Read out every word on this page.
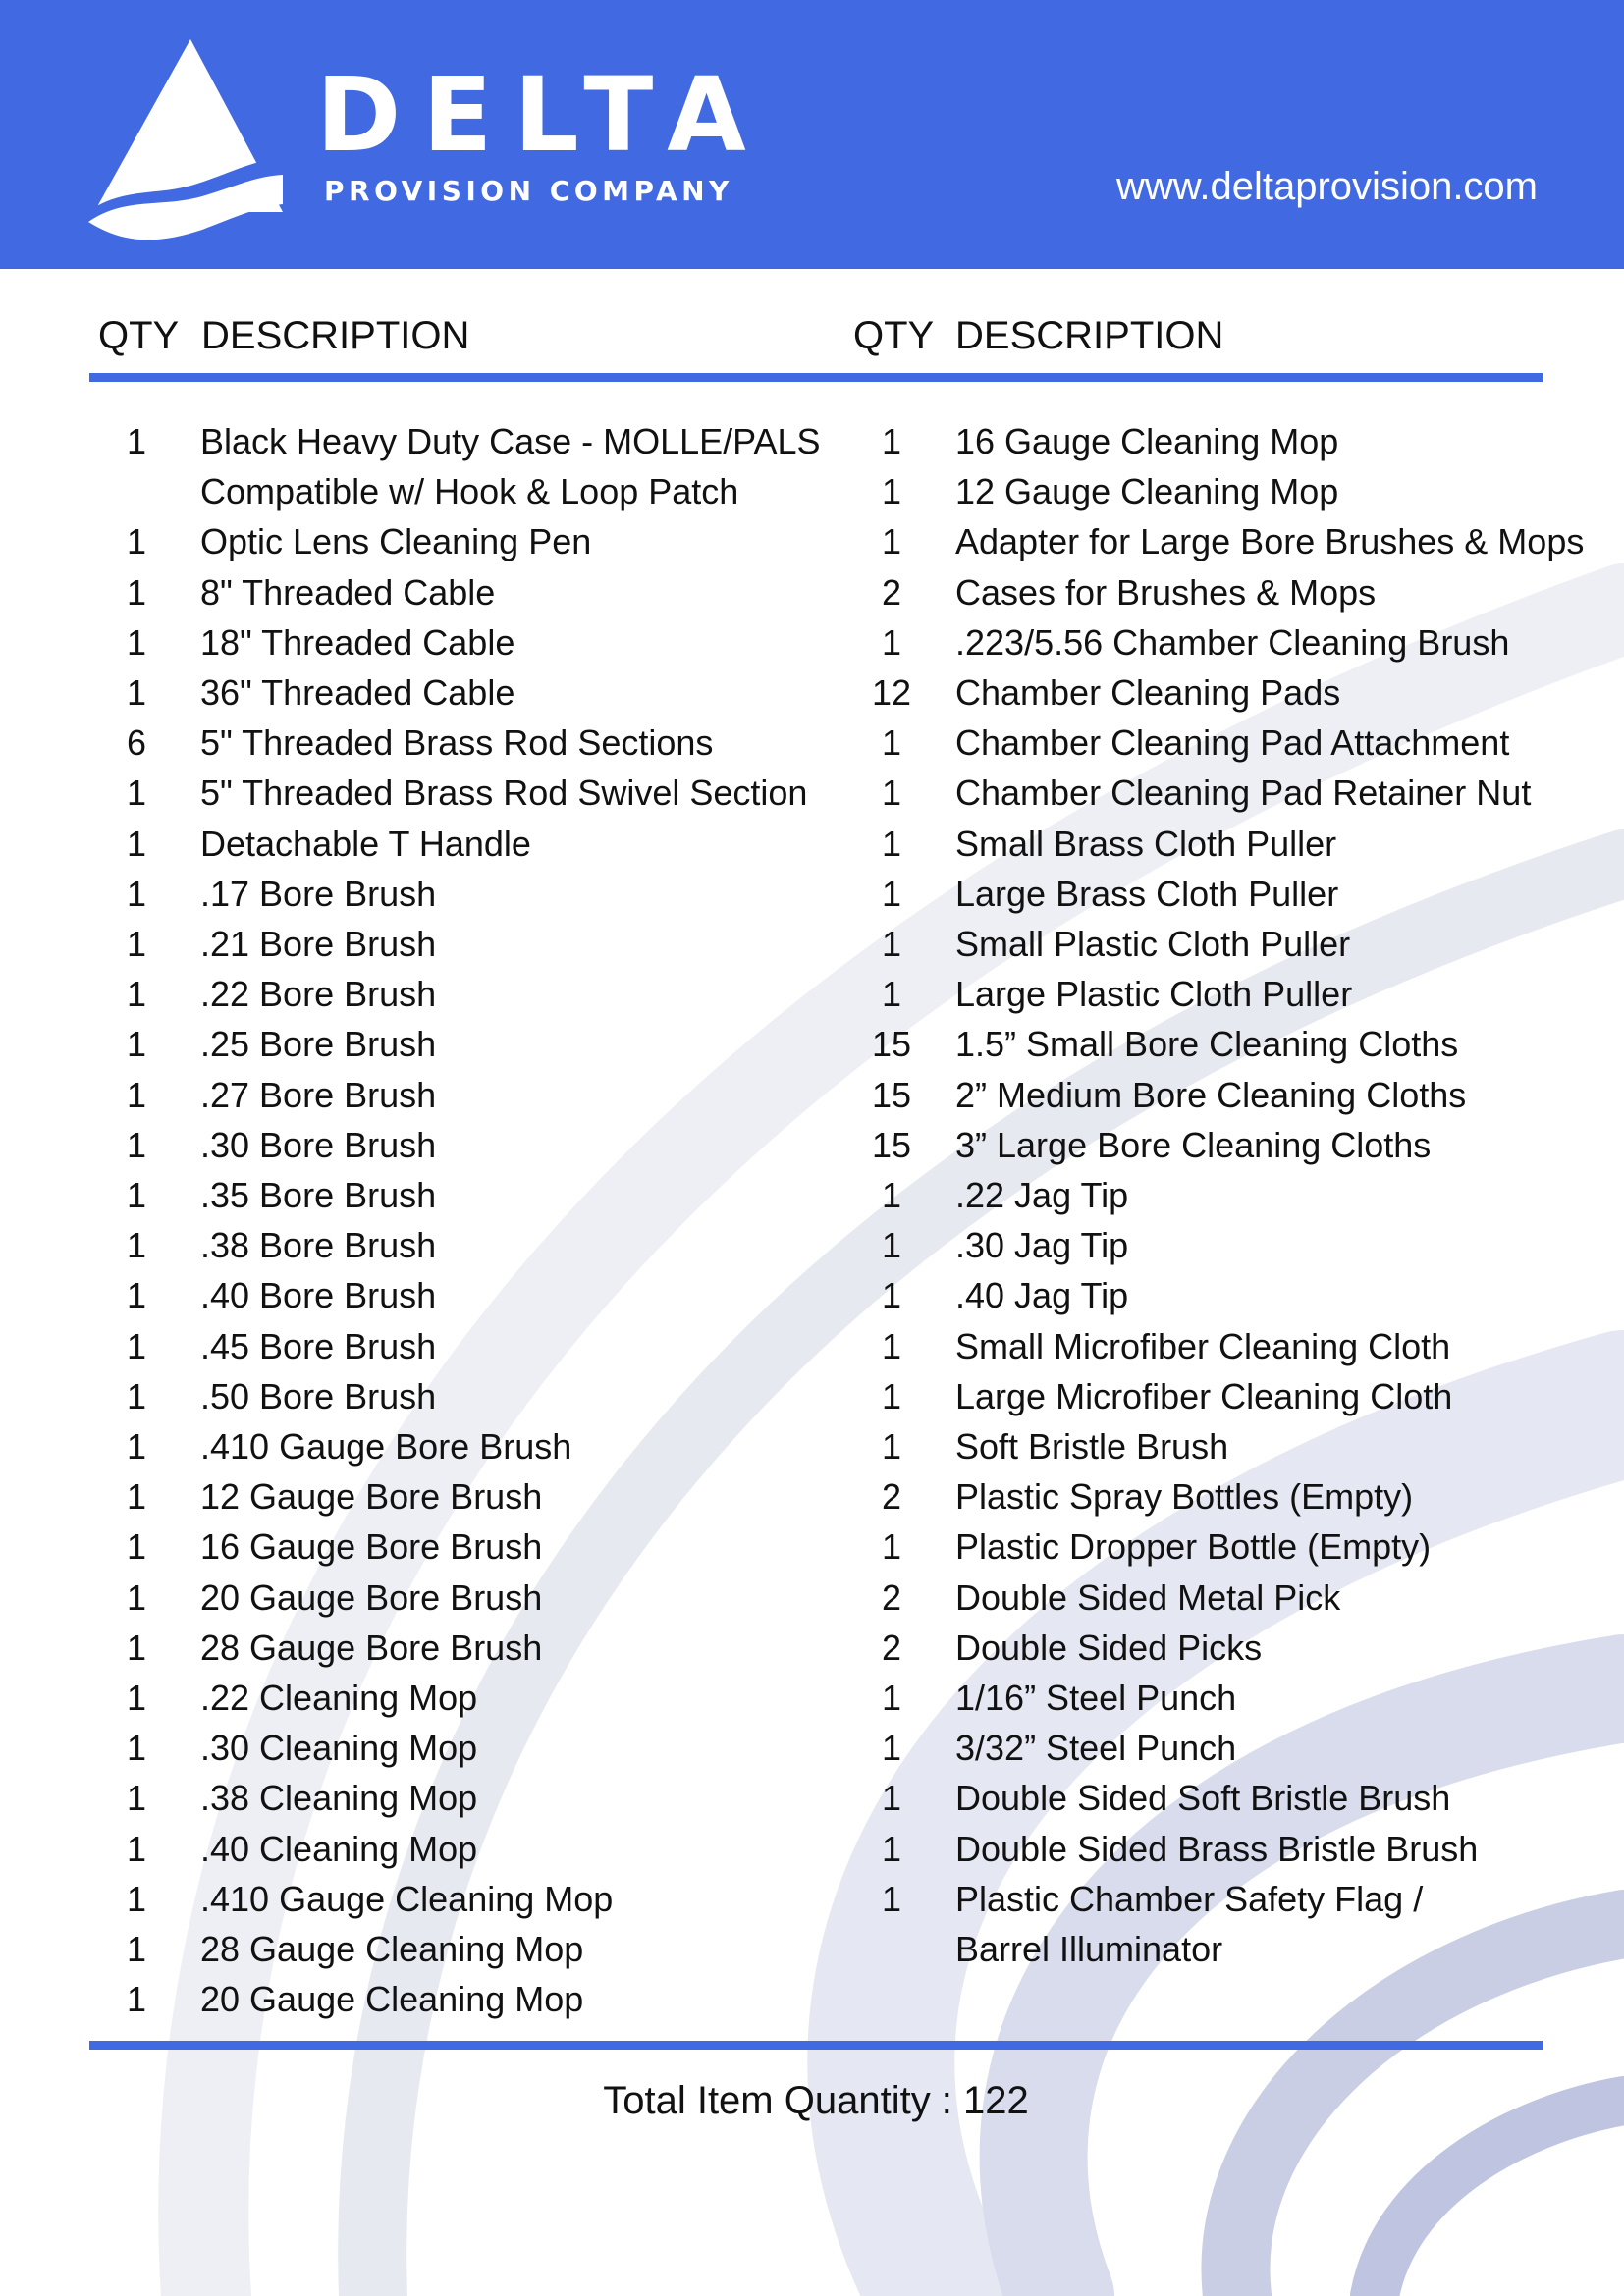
DELTA
PROVISION COMPANY	www.deltaprovision.com
QTY DESCRIPTION	QTY DESCRIPTION
1	Black Heavy Duty Case - MOLLE/PALS
Compatible w/ Hook & Loop Patch
1	Optic Lens Cleaning Pen
1	8" Threaded Cable
1	18" Threaded Cable
1	36" Threaded Cable
6	5" Threaded Brass Rod Sections
1	5" Threaded Brass Rod Swivel Section
1	Detachable T Handle
1	.17 Bore Brush
1	.21 Bore Brush
1	.22 Bore Brush
1	.25 Bore Brush
1	.27 Bore Brush
1	.30 Bore Brush
1	.35 Bore Brush
1	.38 Bore Brush
1	.40 Bore Brush
1	.45 Bore Brush
1	.50 Bore Brush
1	.410 Gauge Bore Brush
1	12 Gauge Bore Brush
1	16 Gauge Bore Brush
1	20 Gauge Bore Brush
1	28 Gauge Bore Brush
1	.22 Cleaning Mop
1	.30 Cleaning Mop
1	.38 Cleaning Mop
1	.40 Cleaning Mop
1	.410 Gauge Cleaning Mop
1	28 Gauge Cleaning Mop
1	20 Gauge Cleaning Mop
1	16 Gauge Cleaning Mop
1	12 Gauge Cleaning Mop
1	Adapter for Large Bore Brushes & Mops
2	Cases for Brushes & Mops
1	.223/5.56 Chamber Cleaning Brush
12	Chamber Cleaning Pads
1	Chamber Cleaning Pad Attachment
1	Chamber Cleaning Pad Retainer Nut
1	Small Brass Cloth Puller
1	Large Brass Cloth Puller
1	Small Plastic Cloth Puller
1	Large Plastic Cloth Puller
15	1.5” Small Bore Cleaning Cloths
15	2” Medium Bore Cleaning Cloths
15	3” Large Bore Cleaning Cloths
1	.22 Jag Tip
1	.30 Jag Tip
1	.40 Jag Tip
1	Small Microfiber Cleaning Cloth
1	Large Microfiber Cleaning Cloth
1	Soft Bristle Brush
2	Plastic Spray Bottles (Empty)
1	Plastic Dropper Bottle (Empty)
2	Double Sided Metal Pick
2	Double Sided Picks
1	1/16” Steel Punch
1	3/32” Steel Punch
1	Double Sided Soft Bristle Brush
1	Double Sided Brass Bristle Brush
1	Plastic Chamber Safety Flag /
Barrel Illuminator
Total Item Quantity : 122
